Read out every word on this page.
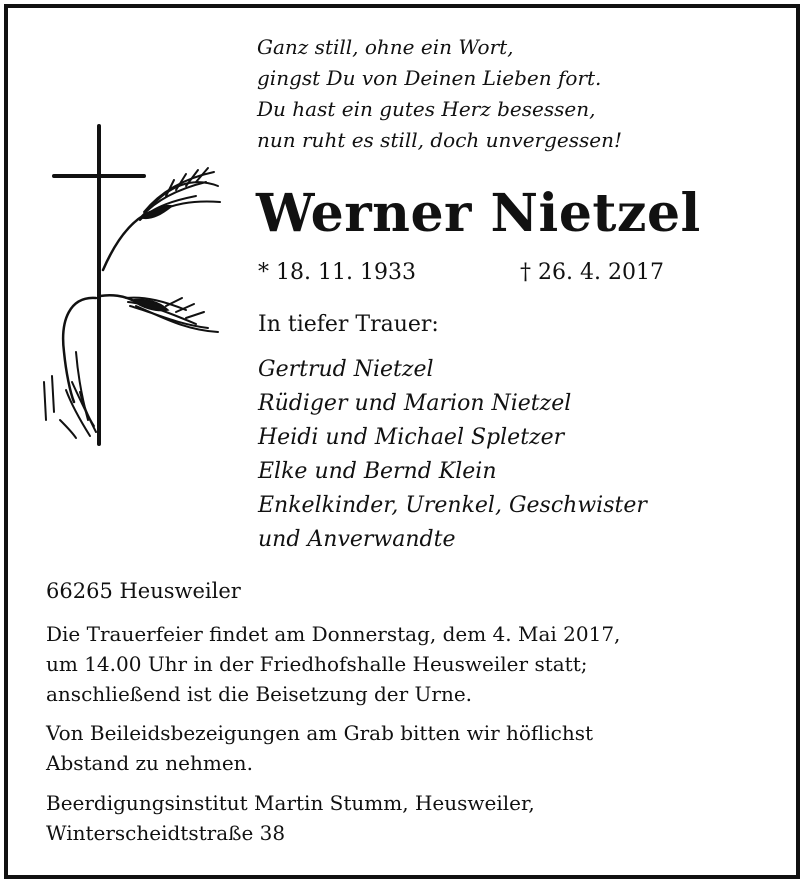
Ganz still, ohne ein Wort,
gingst Du von Deinen Lieben fort.
Du hast ein gutes Herz besessen,
nun ruht es still, doch unvergessen!
Werner Nietzel
* 18. 11. 1933	† 26. 4. 2017
In tiefer Trauer:
Gertrud Nietzel
Rüdiger und Marion Nietzel
Heidi und Michael Spletzer
Elke und Bernd Klein
Enkelkinder, Urenkel, Geschwister
und Anverwandte
66265 Heusweiler
Die Trauerfeier findet am Donnerstag, dem 4. Mai 2017,
um 14.00 Uhr in der Friedhofshalle Heusweiler statt;
anschließend ist die Beisetzung der Urne.
Von Beileidsbezeigungen am Grab bitten wir höflichst
Abstand zu nehmen.
Beerdigungsinstitut Martin Stumm, Heusweiler,
Winterscheidtstraße 38
